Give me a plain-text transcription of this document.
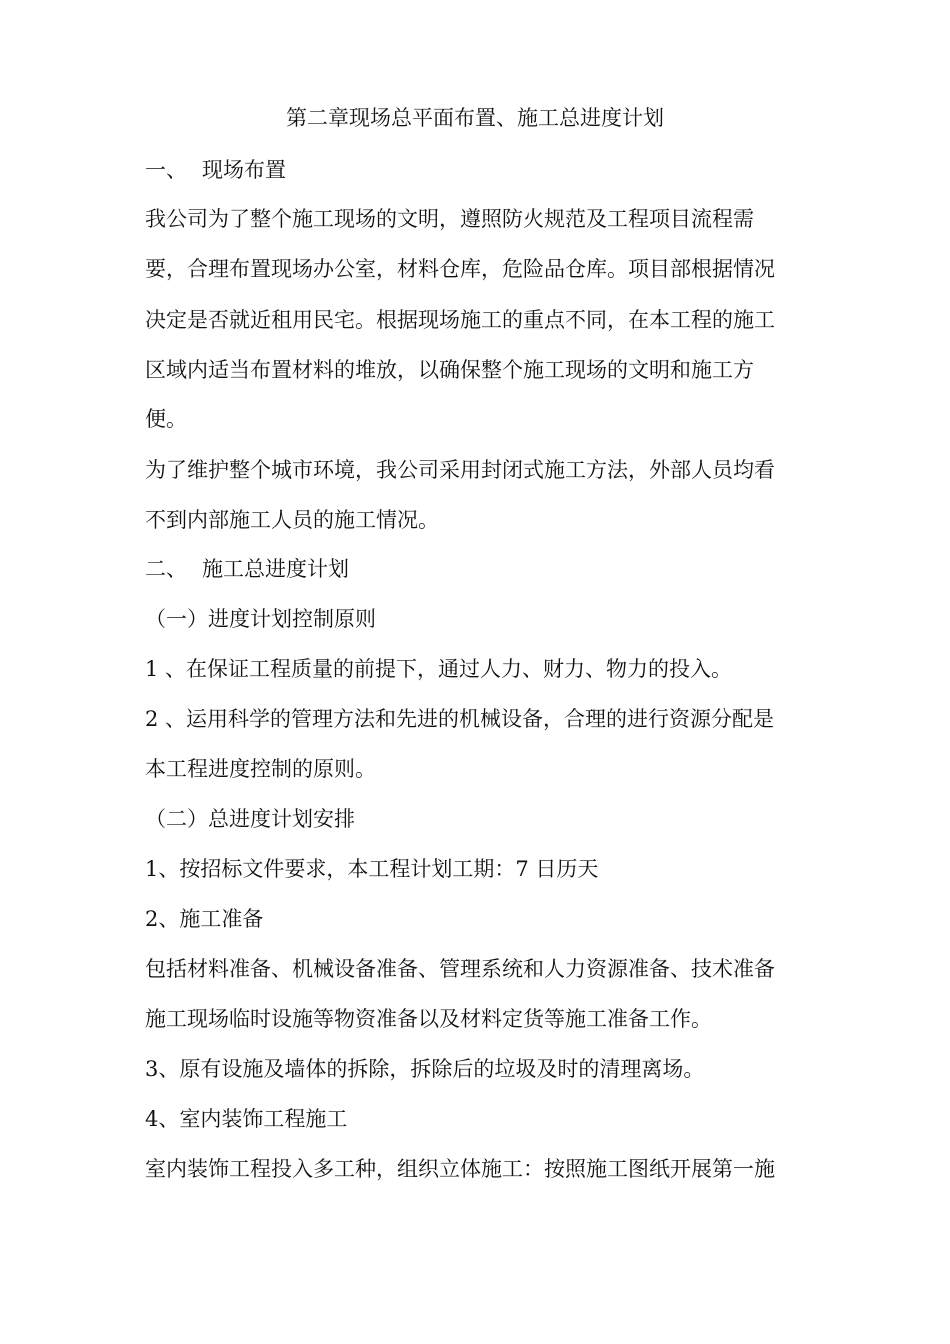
第二章现场总平面布置、施工总进度计划
一、 现场布置
我公司为了整个施工现场的文明，遵照防火规范及工程项目流程需
要，合理布置现场办公室，材料仓库，危险品仓库。项目部根据情况
决定是否就近租用民宅。根据现场施工的重点不同，在本工程的施工
区域内适当布置材料的堆放，以确保整个施工现场的文明和施工方
便。
为了维护整个城市环境，我公司采用封闭式施工方法，外部人员均看
不到内部施工人员的施工情况。
二、 施工总进度计划
（一）进度计划控制原则
1 、在保证工程质量的前提下，通过人力、财力、物力的投入。
2 、运用科学的管理方法和先进的机械设备，合理的进行资源分配是
本工程进度控制的原则。
（二）总进度计划安排
1、按招标文件要求，本工程计划工期：7 日历天
2、施工准备
包括材料准备、机械设备准备、管理系统和人力资源准备、技术准备
施工现场临时设施等物资准备以及材料定货等施工准备工作。
3、原有设施及墙体的拆除，拆除后的垃圾及时的清理离场。
4、室内装饰工程施工
室内装饰工程投入多工种，组织立体施工：按照施工图纸开展第一施
